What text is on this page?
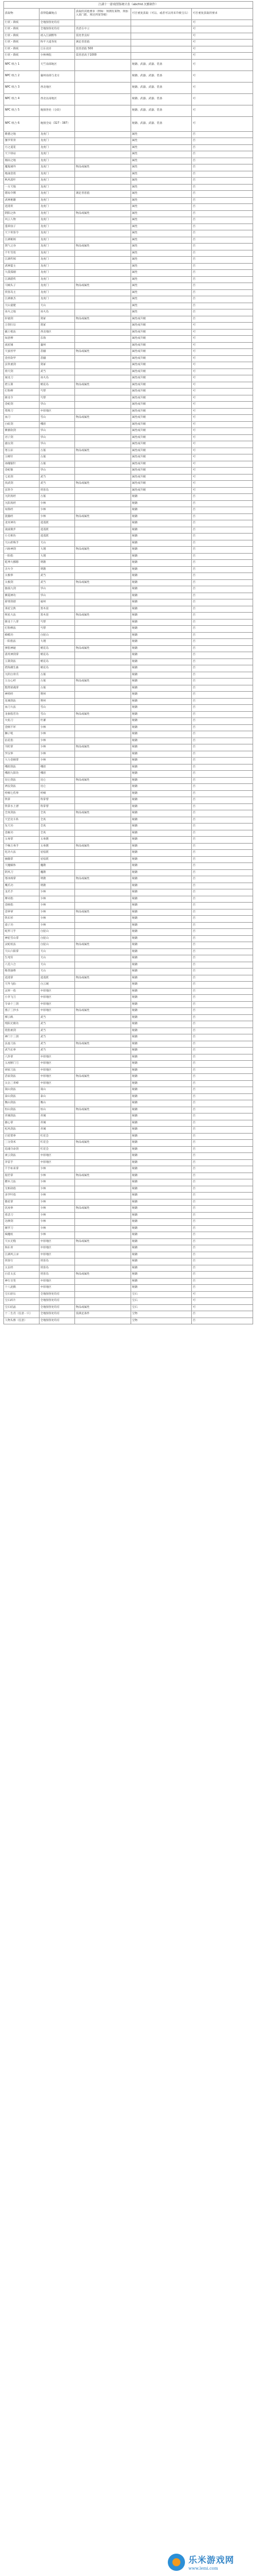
江湖十一游戏图鉴统计表（abcfrid 沉雅制作）				
获取物	获得隐藏地点	获取的其他要求（例如：须拥有某物、须加入某门派、须达到某等级）	可否重复获取（可以、或者可以用来升级宝石）	可否重复获取的要求
行侠・降妖	全地图各处均有			可
行侠・降妖	全地图各处均有	善恶在中立		可
行侠・降妖	初入江湖野外	需处世良好		可
行侠・降妖	和平大道各处	满足善恶值		可
行侠・降妖	江东北岸	需善恶值 500		可
行侠・降妖	少林禅院	需善恶高于1000		可
NPC 组合 1	天竺南部地区		秘籍、武器、武器、装备	可
NPC 组合 2	襄州南部与北方		秘籍、武器、武器、装备	可
NPC 组合 3	西北地区		秘籍、武器、武器、装备	可
NPC 组合 4	西北以南地区		秘籍、武器、武器、装备	可
NPC 组合 5	地图各处（分段）		秘籍、武器、武器、装备	可
NPC 组合 6	地图全局（327 - 387）		秘籍、武器、武器、装备	可
歌德之地	龙虎门		属性	否
伽罗侠骨	龙虎门		属性	否
月之道花	龙虎门		属性	否
天下驿站	龙虎门		属性	否
烟雨之地	龙虎门		属性	否
魔鬼城外	龙虎门	物品或属性	属性	否
地涌金莲	龙虎门		属性	否
秋风落叶	龙虎门		属性	否
一方天地	龙虎门		属性	否
镖局令牌	龙虎门	满足善恶值	属性	否
武林秘籍	龙虎门		属性	否
逍遥侠	龙虎门		属性	否
阴阳之体	龙虎门	物品或属性	属性	否
风云人物	龙虎门		属性	否
蓬莱仙子	龙虎门		属性	否
天下侠客令	龙虎门		属性	否
江湖秘闻	龙虎门		属性	否
剑气之谷	龙虎门	物品或属性	属性	否
千年雪莲	龙虎门		属性	否
江湖传闻	龙虎门		属性	否
武林盟主	龙虎门		属性	否
大漠孤烟	龙虎门		属性	否
江湖游侠	龙虎门		属性	否
马贼头子	龙虎门	物品或属性	属性	否
侠客岛主	龙虎门		属性	否
江湖豪杰	龙虎门		属性	否
天山童姥	天山		属性	否
冰火之地	冰火岛		属性	否
轩辕剑	剑冢	物品或属性	属性或升级	否
万剑归宗	剑冢		属性或升级	可
霸王枪法	西北地区		属性或升级	可
如意棒	东海		属性或升级	可
流星锤	襄州		属性或升级	可
天蚕丝甲	苗疆	物品或属性	属性或升级	可
金丝软甲	苗疆		属性或升级	可
玄铁重剑	剑冢		属性或升级	可
倚天剑	武当		属性或升级	可
屠龙刀	冰火岛		属性或升级	可
碧玉箫	桃花岛	物品或属性	属性或升级	可
打狗棒	丐帮		属性或升级	可
降龙令	丐帮		属性或升级	可
金蛇剑	华山		属性或升级	可
鸳鸯刀	中原地区		属性或升级	可
血刀	雪山	物品或属性	属性或升级	可
白虹剑	峨眉		属性或升级	可
紫薇软剑	华山		属性或升级	可
君子剑	华山		属性或升级	可
淑女剑	华山		属性或升级	可
寒玉床	古墓	物品或属性	属性或升级	可
玉蜂针	古墓		属性或升级	可
冰魄银针	古墓		属性或升级	可
金蛇锥	华山		属性或升级	可
七星剑	武当		属性或升级	可
真武剑	武当	物品或属性	属性或升级	可
玄铁令	侠客岛		属性或升级	可
九阴真经	古墓		秘籍	否
九阳真经	少林		秘籍	否
易筋经	少林		秘籍	否
洗髓经	少林	物品或属性	秘籍	否
北冥神功	逍遥派		秘籍	否
凌波微步	逍遥派		秘籍	否
小无相功	逍遥派		秘籍	否
天山折梅手	天山		秘籍	否
六脉神剑	大理	物品或属性	秘籍	否
一阳指	大理		秘籍	否
乾坤大挪移	明教		秘籍	否
圣火令	明教		秘籍	否
太极拳	武当		秘籍	否
太极剑	武当	物品或属性	秘籍	否
独孤九剑	华山		秘籍	否
紫霞神功	华山		秘籍	否
辟邪剑谱	福州		秘籍	否
葵花宝典	黑木崖		秘籍	否
吸星大法	黑木崖	物品或属性	秘籍	否
降龙十八掌	丐帮		秘籍	否
打狗棒法	丐帮		秘籍	否
蛤蟆功	白驼山		秘籍	否
一阳指法	大理		秘籍	否
弹指神通	桃花岛	物品或属性	秘籍	否
落英神剑掌	桃花岛		秘籍	否
玉箫剑法	桃花岛		秘籍	否
碧海潮生曲	桃花岛		秘籍	否
九阴白骨爪	古墓		秘籍	否
玉女心经	古墓	物品或属性	秘籍	否
黯然销魂掌	古墓		秘籍	否
神照经	荆州		秘籍	否
连城剑法	荆州		秘籍	否
血刀大法	雪山		秘籍	否
龙象般若功	雪山	物品或属性	秘籍	否
火焰刀	吐蕃		秘籍	否
金刚不坏	少林		秘籍	否
狮子吼	少林		秘籍	否
拈花指	少林		秘籍	否
韦陀掌	少林	物品或属性	秘籍	否
罗汉拳	少林		秘籍	否
大力金刚掌	少林		秘籍	否
峨眉剑法	峨眉		秘籍	否
峨眉九阳功	峨眉		秘籍	否
昆仑剑法	昆仑	物品或属性	秘籍	否
两仪剑法	昆仑		秘籍	否
崆峒七伤拳	崆峒		秘籍	否
铁掌	铁掌帮		秘籍	否
铁掌水上漂	铁掌帮		秘籍	否
全真剑法	全真	物品或属性	秘籍	否
天罡北斗阵	全真		秘籍	否
先天功	全真		秘籍	否
金雁功	全真		秘籍	否
五毒掌	五毒教		秘籍	否
千蛛万毒手	五毒教	物品或属性	秘籍	否
化功大法	星宿派		秘籍	否
抽髓掌	星宿派		秘籍	否
天魔解体	魔教		秘籍	否
阴风刀	魔教		秘籍	否
寒冰绵掌	明教	物品或属性	秘籍	否
鹰爪功	明教		秘籍	否
龙爪手	少林		秘籍	否
摩诃指	少林		秘籍	否
金刚指	少林		秘籍	否
金钟罩	少林	物品或属性	秘籍	否
铁布衫	少林		秘籍	否
童子功	少林		秘籍	否
蛇形刁手	白驼山		秘籍	否
神驼雪山掌	白驼山		秘籍	否
灵蛇杖法	白驼山	物品或属性	秘籍	否
天山六阳掌	天山		秘籍	否
生死符	天山		秘籍	否
八荒六合	天山		秘籍	否
唯我独尊	天山		秘籍	否
逍遥掌	逍遥派	物品或属性	秘籍	否
天外飞仙	白云城		秘籍	否
灵犀一指	中原地区		秘籍	否
小李飞刀	中原地区		秘籍	否
夺命十三剑	中原地区		秘籍	否
燕子三抄水	中原地区	物品或属性	秘籍	否
梯云纵	武当		秘籍	否
纯阳无极功	武当		秘籍	否
绕指柔剑	武当		秘籍	否
神门十三剑	武当		秘籍	否
玄虚刀法	武当	物品或属性	秘籍	否
武当长拳	武当		秘籍	否
八卦掌	中原地区		秘籍	否
五虎断门刀	中原地区		秘籍	否
胡家刀法	中原地区		秘籍	否
苗家剑法	中原地区	物品或属性	秘籍	否
太岳三青峰	中原地区		秘籍	否
嵩山剑法	嵩山		秘籍	否
泰山剑法	泰山		秘籍	否
衡山剑法	衡山		秘籍	否
恒山剑法	恒山	物品或属性	秘籍	否
青城剑法	青城		秘籍	否
摧心掌	青城		秘籍	否
松风剑法	青城		秘籍	否
百花错拳	红花会		秘籍	否
三分剑术	红花会	物品或属性	秘籍	否
追魂夺命剑	红花会		秘籍	否
柔云剑法	中原地区		秘籍	否
奔雷手	中原地区		秘籍	否
千手如来掌	少林		秘籍	否
般若掌	少林	物品或属性	秘籍	否
燃木刀法	少林		秘籍	否
无相劫指	少林		秘籍	否
多罗叶指	少林		秘籍	否
散花掌	少林		秘籍	否
伏虎拳	少林	物品或属性	秘籍	否
慈悲刀	少林		秘籍	否
达摩剑	少林		秘籍	否
修罗刀	少林		秘籍	否
疯魔杖	少林		秘籍	否
天衣无缝	中原地区	物品或属性	秘籍	否
海东青	中原地区		秘籍	否
江湖风云录	中原地区		秘籍	否
侠客行	侠客岛		秘籍	否
太玄经	侠客岛		秘籍	否
白首太玄	侠客岛	物品或属性	秘籍	否
神行百变	中原地区		秘籍	否
十八泥偶	中原地区		秘籍	否
宝石原石	全地图各处均有		宝石	可
宝石碎片	全地图各处均有		宝石	可
宝石结晶	全地图各处均有	物品或属性	宝石	可
十二生肖（任意一只）	全地图各处均有	需满足条件	宝物	否
人物头像（任意）	全地图各处均有		宝物	否
乐米游戏网
www.lemi.com
